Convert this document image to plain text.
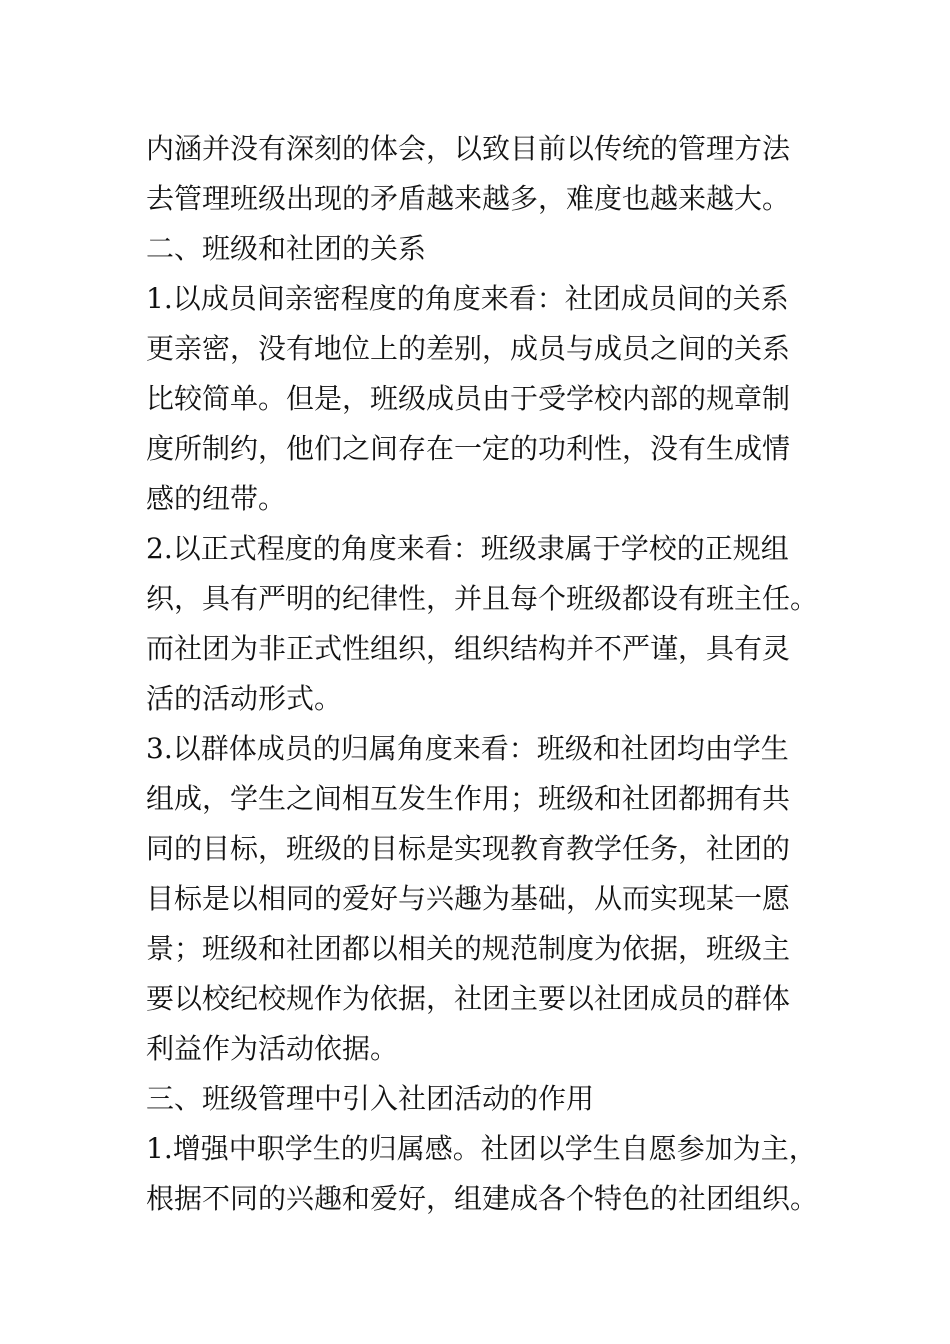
内涵并没有深刻的体会，以致目前以传统的管理方法
去管理班级出现的矛盾越来越多，难度也越来越大。
二、班级和社团的关系
1.以成员间亲密程度的角度来看：社团成员间的关系
更亲密，没有地位上的差别，成员与成员之间的关系
比较简单。但是，班级成员由于受学校内部的规章制
度所制约，他们之间存在一定的功利性，没有生成情
感的纽带。
2.以正式程度的角度来看：班级隶属于学校的正规组
织，具有严明的纪律性，并且每个班级都设有班主任。
而社团为非正式性组织，组织结构并不严谨，具有灵
活的活动形式。
3.以群体成员的归属角度来看：班级和社团均由学生
组成，学生之间相互发生作用；班级和社团都拥有共
同的目标，班级的目标是实现教育教学任务，社团的
目标是以相同的爱好与兴趣为基础，从而实现某一愿
景；班级和社团都以相关的规范制度为依据，班级主
要以校纪校规作为依据，社团主要以社团成员的群体
利益作为活动依据。
三、班级管理中引入社团活动的作用
1.增强中职学生的归属感。社团以学生自愿参加为主，
根据不同的兴趣和爱好，组建成各个特色的社团组织。
